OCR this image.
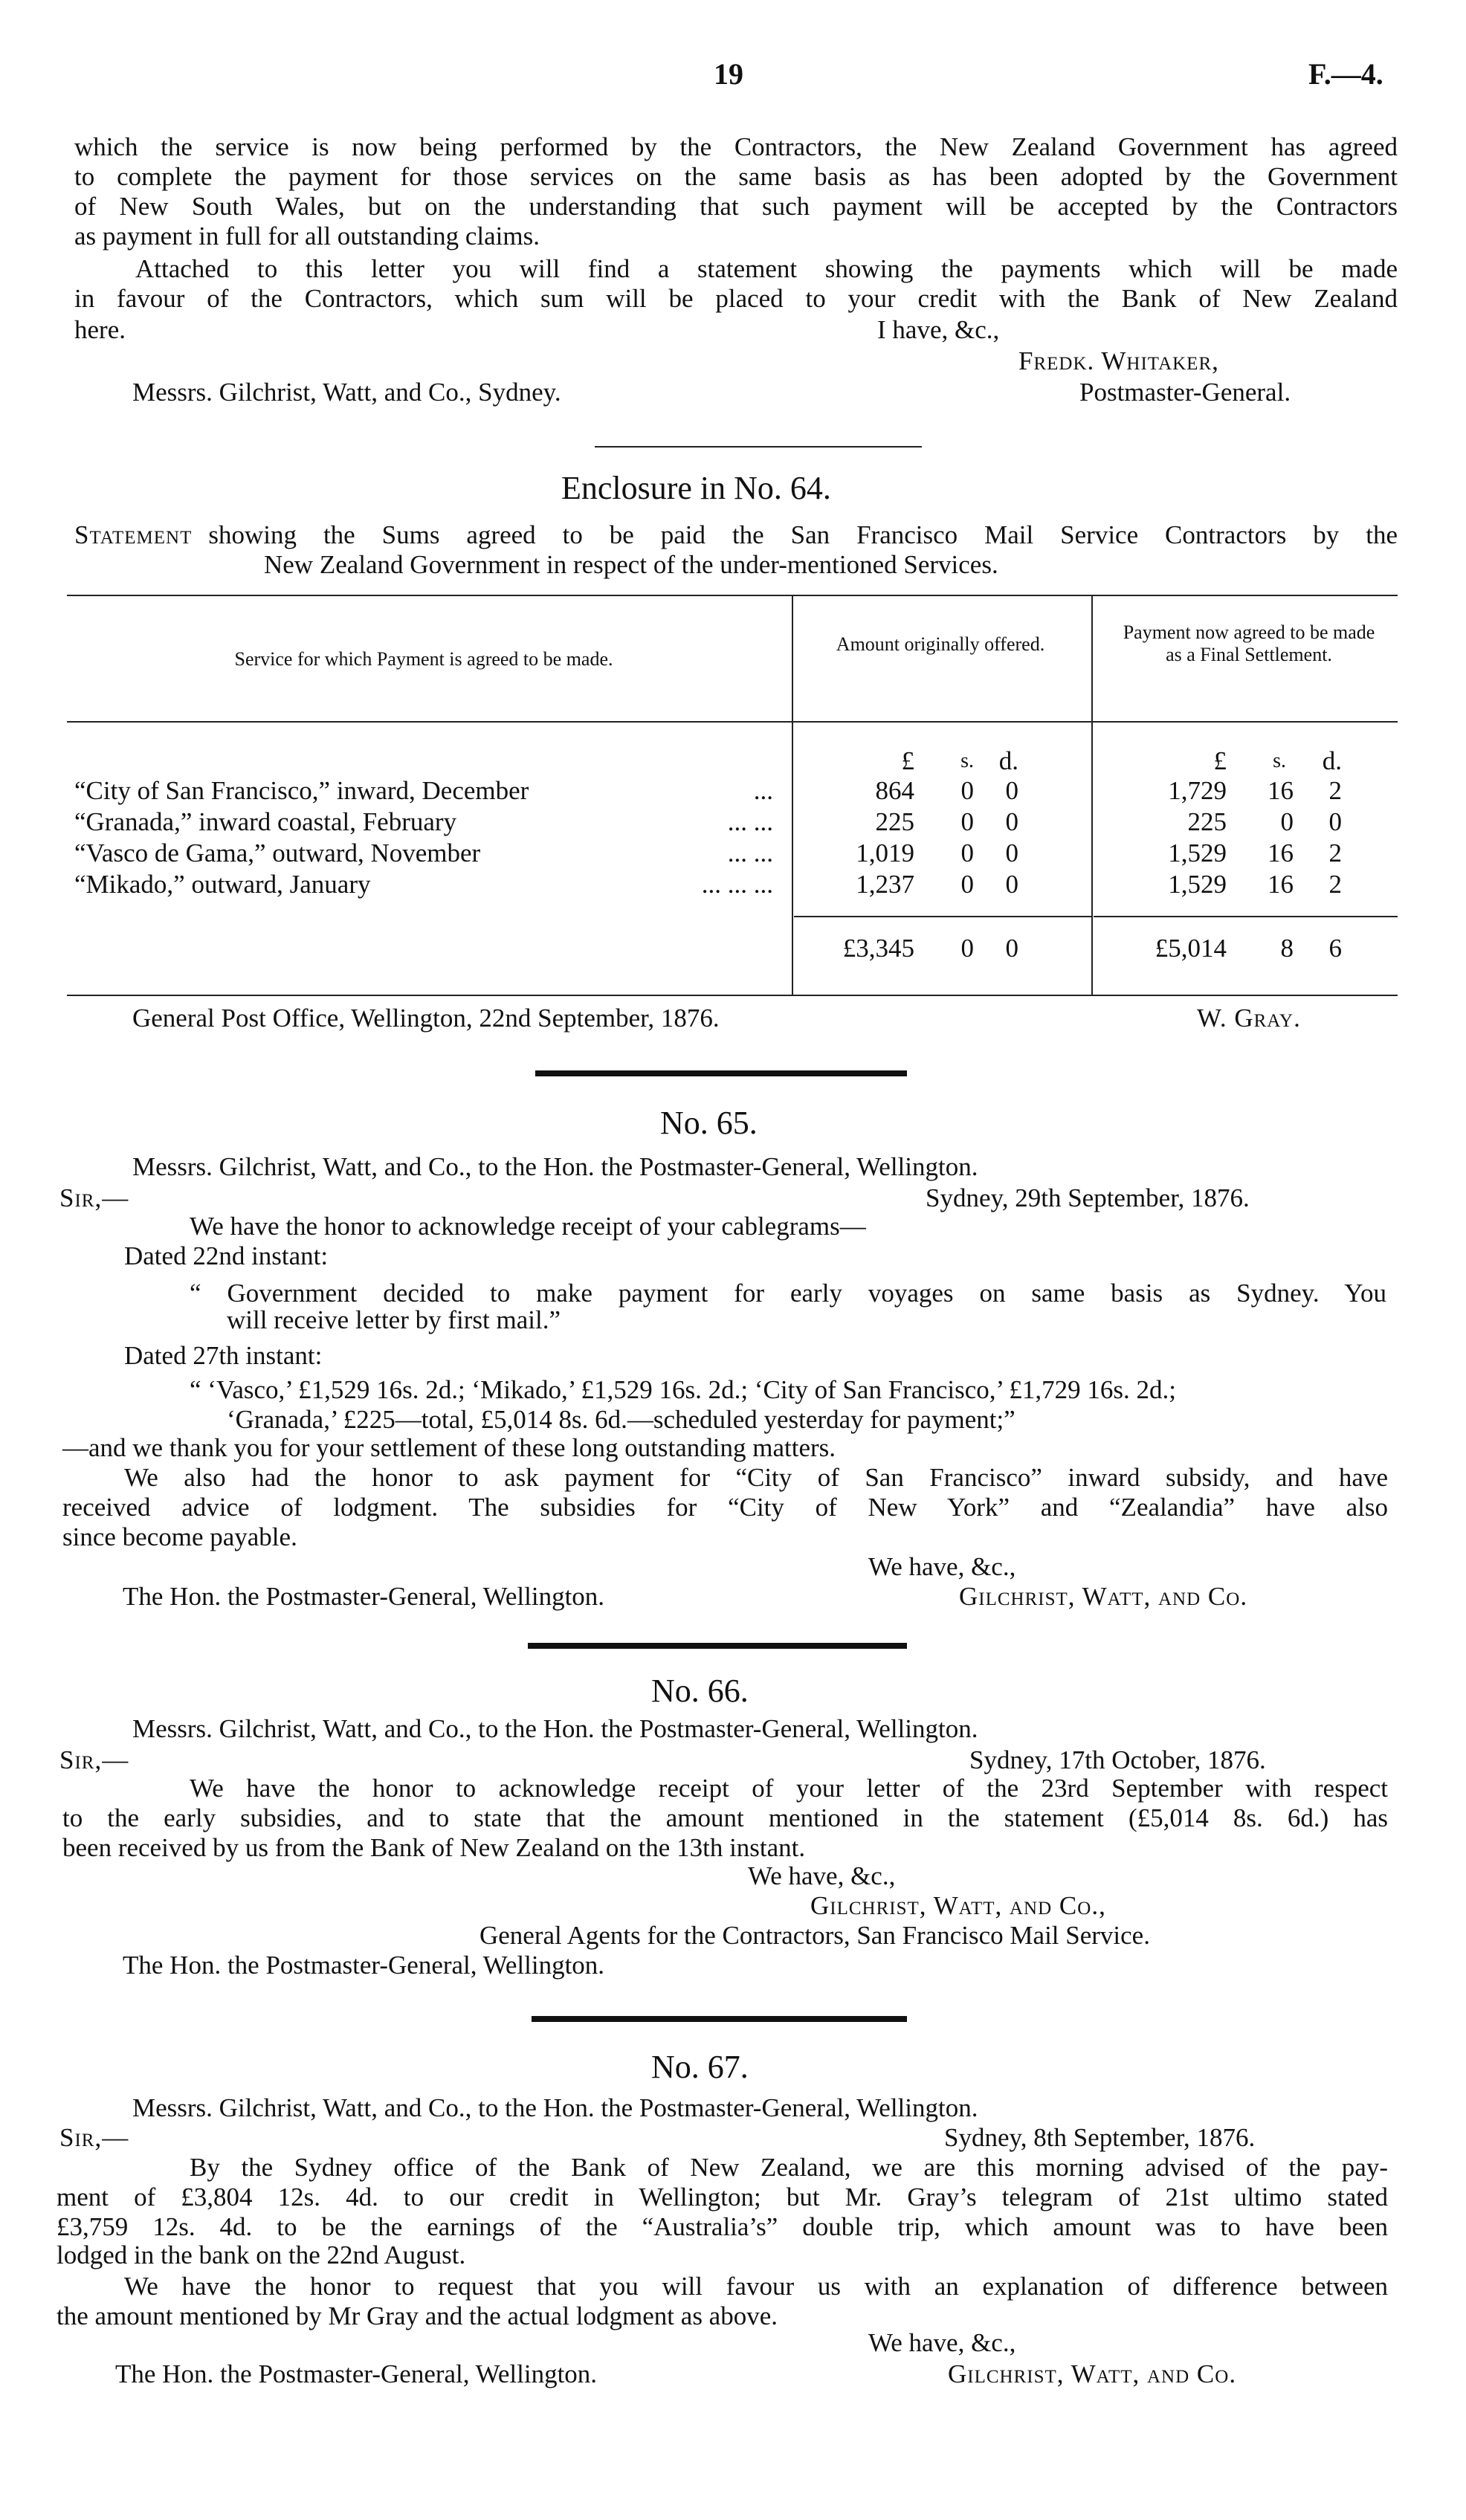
19	F.—4.
which the service is now being performed by the Contractors, the New Zealand Government has agreed
to complete the payment for those services on the same basis as has been adopted by the Government
of New South Wales, but on the understanding that such payment will be accepted by the Contractors
as payment in full for all outstanding claims.
Attached to this letter you will find a statement showing the payments which will be made
in favour of the Contractors, which sum will be placed to your credit with the Bank of New Zealand
here.	I have, &c.,
Fredk. Whitaker,
Messrs. Gilchrist, Watt, and Co., Sydney.	Postmaster-General.
Enclosure in No. 64.
Statement showing the Sums agreed to be paid the San Francisco Mail Service Contractors by the
New Zealand Government in respect of the under-mentioned Services.
Service for which Payment is agreed to be made.
Amount originally offered.
Payment now agreed to be made as a Final Settlement.
£	s. d.	£	s.	d.
“City of San Francisco,” inward, December	...	864	0	0	1,729	16	2
“Granada,” inward coastal, February	... ...	225	0	0	225	0	0
“Vasco de Gama,” outward, November	... ...	1,019	0	0	1,529	16	2
“Mikado,” outward, January	... ... ...	1,237	0	0	1,529	16	2
£3,345	0	0	£5,014	8	6
General Post Office, Wellington, 22nd September, 1876.	W. Gray.
No. 65.
Messrs. Gilchrist, Watt, and Co., to the Hon. the Postmaster-General, Wellington.
Sir,—	Sydney, 29th September, 1876.
We have the honor to acknowledge receipt of your cablegrams—
Dated 22nd instant:
“ Government decided to make payment for early voyages on same basis as Sydney. You
will receive letter by first mail.”
Dated 27th instant:
“ ‘Vasco,’ £1,529 16s. 2d.; ‘Mikado,’ £1,529 16s. 2d.; ‘City of San Francisco,’ £1,729 16s. 2d.;
‘Granada,’ £225—total, £5,014 8s. 6d.—scheduled yesterday for payment;”
—and we thank you for your settlement of these long outstanding matters.
We also had the honor to ask payment for “City of San Francisco” inward subsidy, and have
received advice of lodgment. The subsidies for “City of New York” and “Zealandia” have also
since become payable.
We have, &c.,
The Hon. the Postmaster-General, Wellington.	Gilchrist, Watt, and Co.
No. 66.
Messrs. Gilchrist, Watt, and Co., to the Hon. the Postmaster-General, Wellington.
Sir,—	Sydney, 17th October, 1876.
We have the honor to acknowledge receipt of your letter of the 23rd September with respect
to the early subsidies, and to state that the amount mentioned in the statement (£5,014 8s. 6d.) has
been received by us from the Bank of New Zealand on the 13th instant.
We have, &c.,
Gilchrist, Watt, and Co.,
General Agents for the Contractors, San Francisco Mail Service.
The Hon. the Postmaster-General, Wellington.
No. 67.
Messrs. Gilchrist, Watt, and Co., to the Hon. the Postmaster-General, Wellington.
Sir,—	Sydney, 8th September, 1876.
By the Sydney office of the Bank of New Zealand, we are this morning advised of the pay-
ment of £3,804 12s. 4d. to our credit in Wellington; but Mr. Gray’s telegram of 21st ultimo stated
£3,759 12s. 4d. to be the earnings of the “Australia’s” double trip, which amount was to have been
lodged in the bank on the 22nd August.
We have the honor to request that you will favour us with an explanation of difference between
the amount mentioned by Mr Gray and the actual lodgment as above.
We have, &c.,
The Hon. the Postmaster-General, Wellington.	Gilchrist, Watt, and Co.
